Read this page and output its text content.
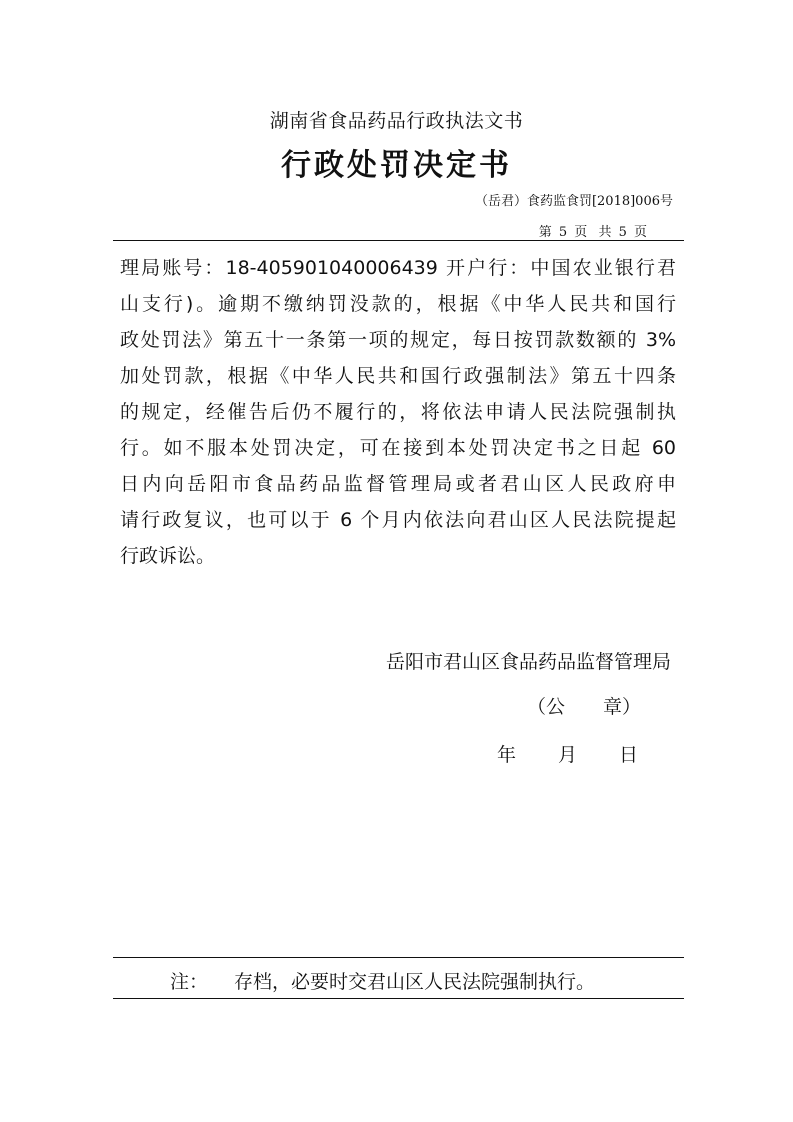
湖南省食品药品行政执法文书
行政处罚决定书
（岳君）食药监食罚[2018]006号
第 5 页 共 5 页
理局账号：18-405901040006439 开户行：中国农业银行君
山支行)。逾期不缴纳罚没款的，根据《中华人民共和国行
政处罚法》第五十一条第一项的规定，每日按罚款数额的 3%
加处罚款，根据《中华人民共和国行政强制法》第五十四条
的规定，经催告后仍不履行的，将依法申请人民法院强制执
行。如不服本处罚决定，可在接到本处罚决定书之日起 60
日内向岳阳市食品药品监督管理局或者君山区人民政府申
请行政复议，也可以于 6 个月内依法向君山区人民法院提起
行政诉讼。
岳阳市君山区食品药品监督管理局
（公　　章）
年 月 日
注： 存档，必要时交君山区人民法院强制执行。
